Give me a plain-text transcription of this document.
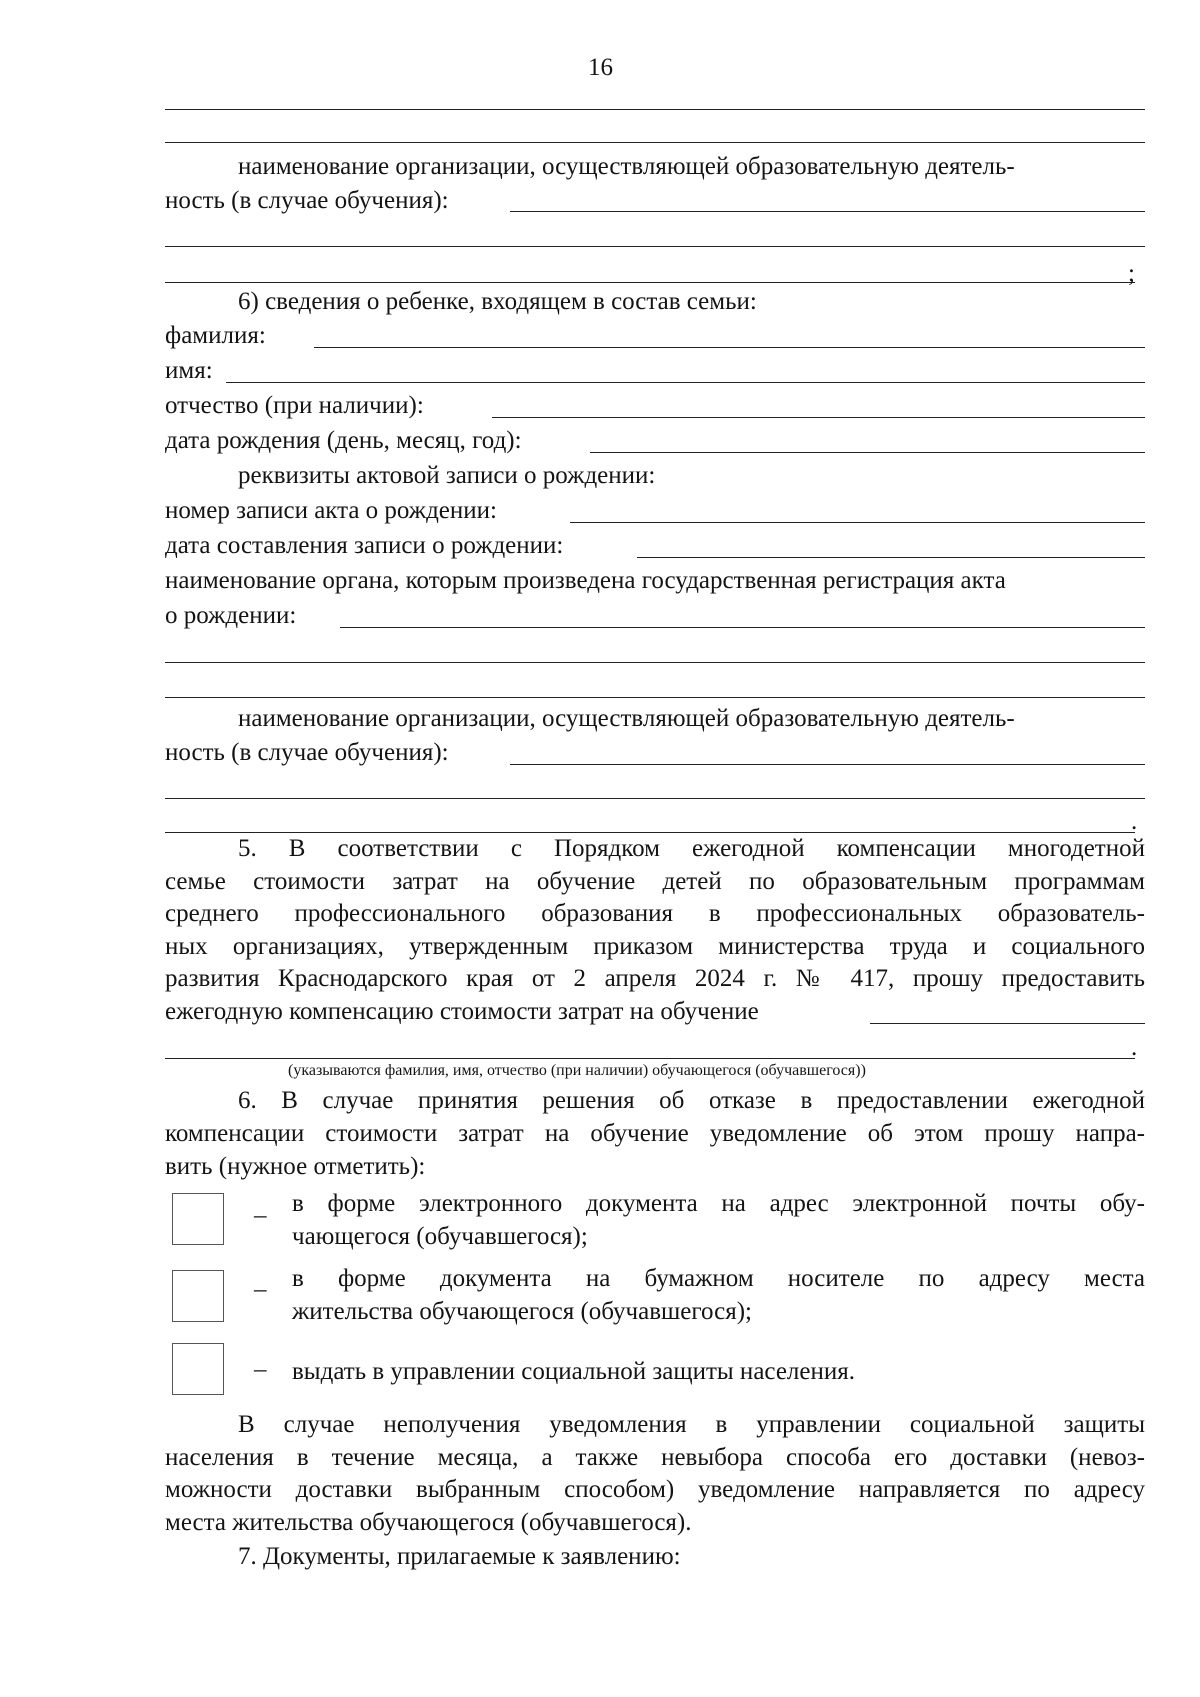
16
наименование организации, осуществляющей образовательную деятель-
ность (в случае обучения):
;
6) сведения о ребенке, входящем в состав семьи:
фамилия:
имя:
отчество (при наличии):
дата рождения (день, месяц, год):
реквизиты актовой записи о рождении:
номер записи акта о рождении:
дата составления записи о рождении:
наименование органа, которым произведена государственная регистрация акта
о рождении:
наименование организации, осуществляющей образовательную деятель-
ность (в случае обучения):
.
5. В соответствии с Порядком ежегодной компенсации многодетной
семье стоимости затрат на обучение детей по образовательным программам
среднего профессионального образования в профессиональных образователь-
ных организациях, утвержденным приказом министерства труда и социального
развития Краснодарского края от 2 апреля 2024 г. № 417, прошу предоставить
ежегодную компенсацию стоимости затрат на обучение
.
(указываются фамилия, имя, отчество (при наличии) обучающегося (обучавшегося))
6. В случае принятия решения об отказе в предоставлении ежегодной
компенсации стоимости затрат на обучение уведомление об этом прошу напра-
вить (нужное отметить):
– в форме электронного документа на адрес электронной почты обу-
чающегося (обучавшегося);
– в форме документа на бумажном носителе по адресу места
жительства обучающегося (обучавшегося);
– выдать в управлении социальной защиты населения.
В случае неполучения уведомления в управлении социальной защиты
населения в течение месяца, а также невыбора способа его доставки (невоз-
можности доставки выбранным способом) уведомление направляется по адресу
места жительства обучающегося (обучавшегося).
7. Документы, прилагаемые к заявлению:
